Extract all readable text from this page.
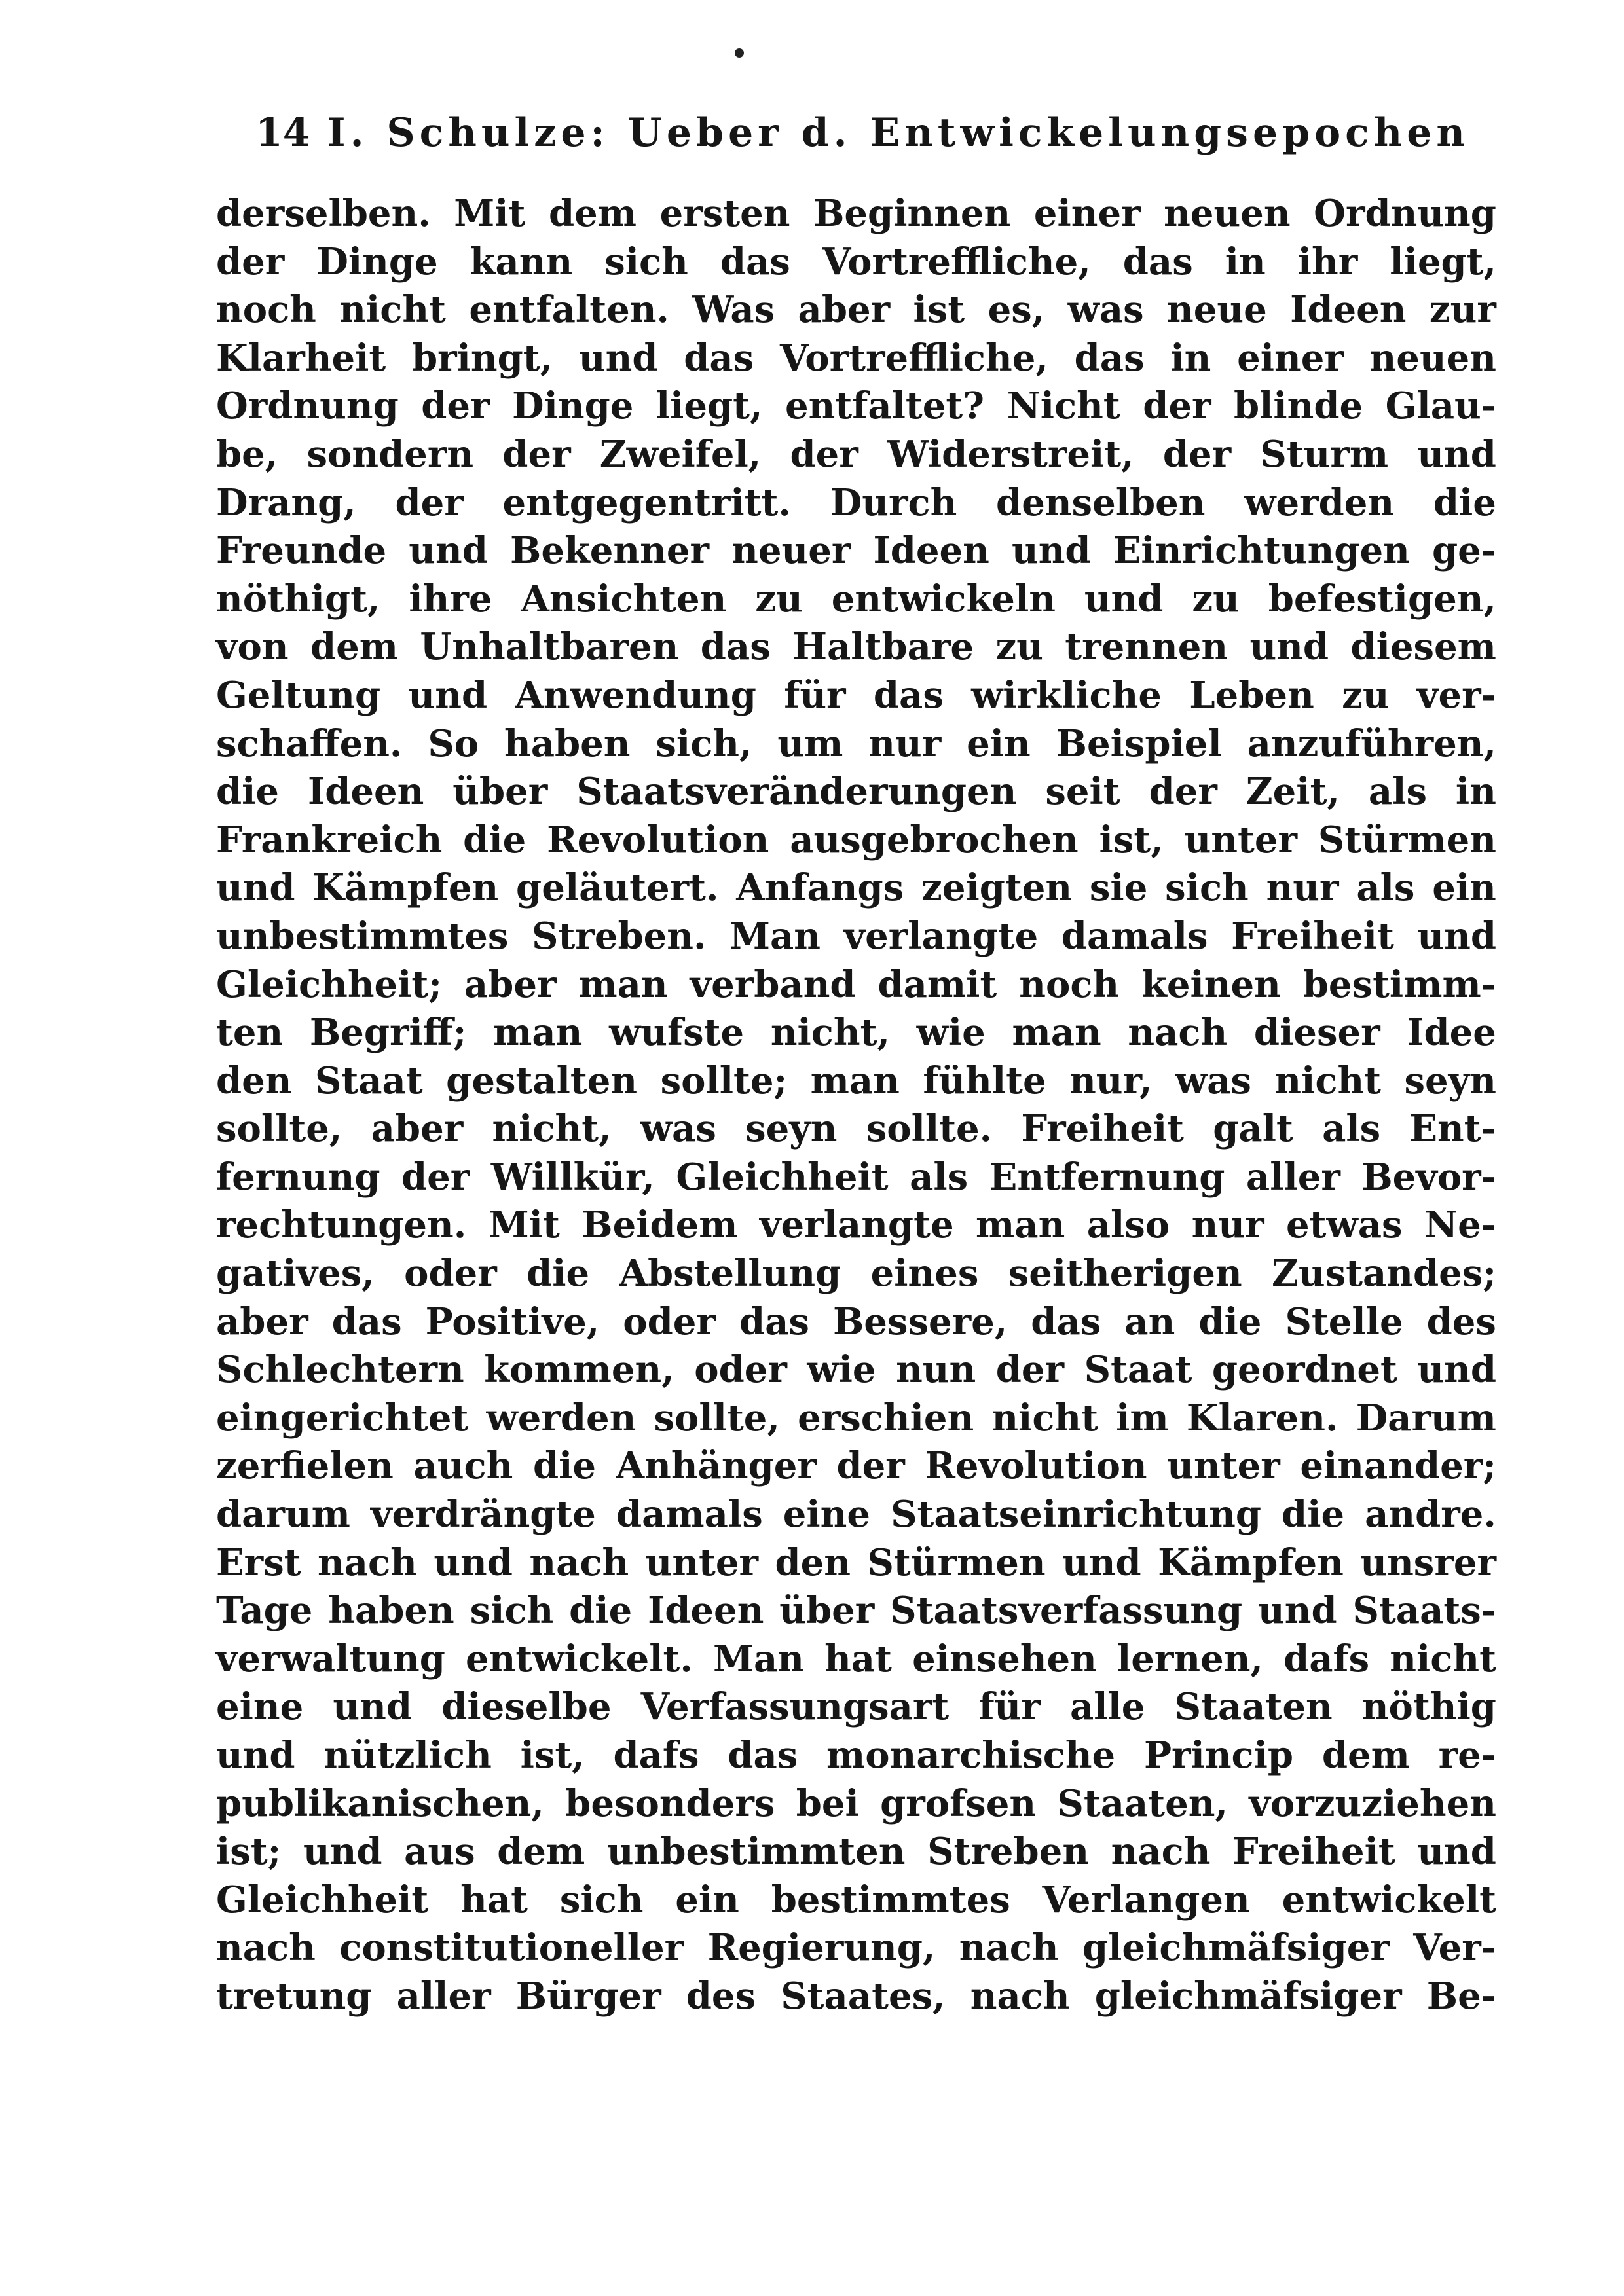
14 I. Schulze: Ueber d. Entwickelungsepochen
derselben. Mit dem ersten Beginnen einer neuen Ordnung
der Dinge kann sich das Vortreffliche, das in ihr liegt,
noch nicht entfalten. Was aber ist es, was neue Ideen zur
Klarheit bringt, und das Vortreffliche, das in einer neuen
Ordnung der Dinge liegt, entfaltet? Nicht der blinde Glau-
be, sondern der Zweifel, der Widerstreit, der Sturm und
Drang, der entgegentritt. Durch denselben werden die
Freunde und Bekenner neuer Ideen und Einrichtungen ge-
nöthigt, ihre Ansichten zu entwickeln und zu befestigen,
von dem Unhaltbaren das Haltbare zu trennen und diesem
Geltung und Anwendung für das wirkliche Leben zu ver-
schaffen. So haben sich, um nur ein Beispiel anzuführen,
die Ideen über Staatsveränderungen seit der Zeit, als in
Frankreich die Revolution ausgebrochen ist, unter Stürmen
und Kämpfen geläutert. Anfangs zeigten sie sich nur als ein
unbestimmtes Streben. Man verlangte damals Freiheit und
Gleichheit; aber man verband damit noch keinen bestimm-
ten Begriff; man wufste nicht, wie man nach dieser Idee
den Staat gestalten sollte; man fühlte nur, was nicht seyn
sollte, aber nicht, was seyn sollte. Freiheit galt als Ent-
fernung der Willkür, Gleichheit als Entfernung aller Bevor-
rechtungen. Mit Beidem verlangte man also nur etwas Ne-
gatives, oder die Abstellung eines seitherigen Zustandes;
aber das Positive, oder das Bessere, das an die Stelle des
Schlechtern kommen, oder wie nun der Staat geordnet und
eingerichtet werden sollte, erschien nicht im Klaren. Darum
zerfielen auch die Anhänger der Revolution unter einander;
darum verdrängte damals eine Staatseinrichtung die andre.
Erst nach und nach unter den Stürmen und Kämpfen unsrer
Tage haben sich die Ideen über Staatsverfassung und Staats-
verwaltung entwickelt. Man hat einsehen lernen, dafs nicht
eine und dieselbe Verfassungsart für alle Staaten nöthig
und nützlich ist, dafs das monarchische Princip dem re-
publikanischen, besonders bei grofsen Staaten, vorzuziehen
ist; und aus dem unbestimmten Streben nach Freiheit und
Gleichheit hat sich ein bestimmtes Verlangen entwickelt
nach constitutioneller Regierung, nach gleichmäfsiger Ver-
tretung aller Bürger des Staates, nach gleichmäfsiger Be-
